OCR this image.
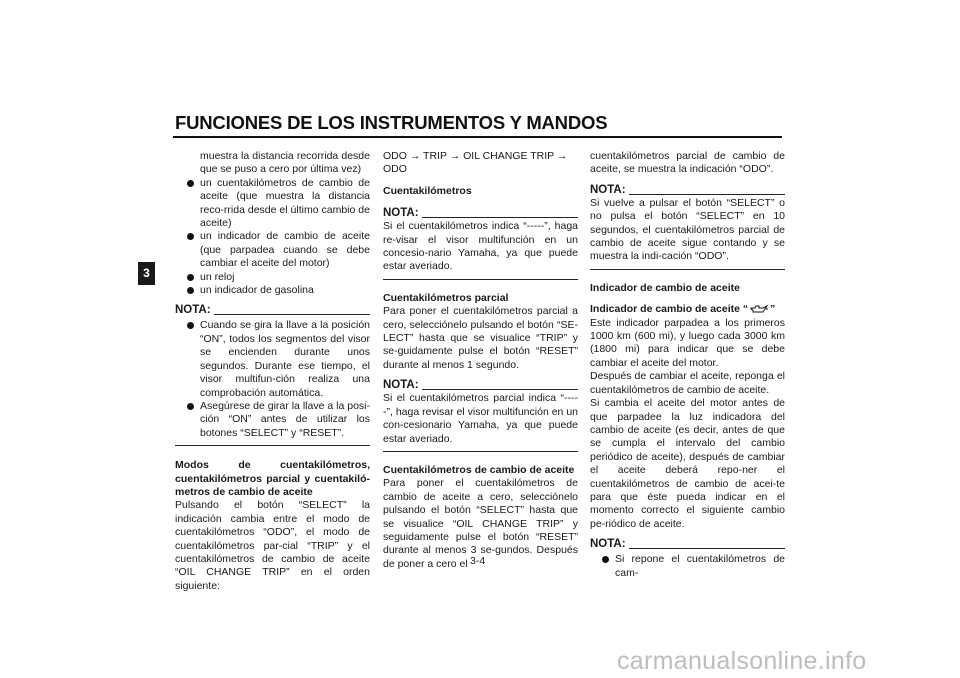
FUNCIONES DE LOS INSTRUMENTOS Y MANDOS
3

muestra la distancia recorrida desde que se puso a cero por última vez)

un cuentakilómetros de cambio de aceite (que muestra la distancia reco-rrida desde el último cambio de aceite)
un indicador de cambio de aceite (que parpadea cuando se debe cambiar el aceite del motor)
un reloj
un indicador de gasolina
NOTA:
Cuando se gira la llave a la posición “ON”, todos los segmentos del visor se encienden durante unos segundos. Durante ese tiempo, el visor multifun-ción realiza una comprobación automática.
Asegúrese de girar la llave a la posi-ción “ON” antes de utilizar los botones “SELECT” y “RESET”.

Modos de cuentakilómetros, cuentakilómetros parcial y cuentakiló-metros de cambio de aceite

Pulsando el botón “SELECT” la indicación cambia entre el modo de cuentakilómetros “ODO”, el modo de cuentakilómetros par-cial “TRIP” y el cuentakilómetros de cambio de aceite “OIL CHANGE TRIP” en el orden siguiente:

ODO → TRIP → OIL CHANGE TRIP → ODO

Cuentakilómetros

NOTA:

Si el cuentakilómetros indica “-----”, haga re-visar el visor multifunción en un concesio-nario Yamaha, ya que puede estar averiado.

Cuentakilómetros parcial

Para poner el cuentakilómetros parcial a cero, selecciónelo pulsando el botón “SE-LECT” hasta que se visualice “TRIP” y se-guidamente pulse el botón “RESET” durante al menos 1 segundo.

NOTA:

Si el cuentakilómetros parcial indica “-----”, haga revisar el visor multifunción en un con-cesionario Yamaha, ya que puede estar averiado.

Cuentakilómetros de cambio de aceite

Para poner el cuentakilómetros de cambio de aceite a cero, selecciónelo pulsando el botón “SELECT” hasta que se visualice “OIL CHANGE TRIP” y seguidamente pulse el botón “RESET” durante al menos 3 se-gundos. Después de poner a cero el

cuentakilómetros parcial de cambio de aceite, se muestra la indicación “ODO”.

NOTA:

Si vuelve a pulsar el botón “SELECT” o no pulsa el botón “SELECT” en 10 segundos, el cuentakilómetros parcial de cambio de aceite sigue contando y se muestra la indi-cación “ODO”.

Indicador de cambio de aceite

Indicador de cambio de aceite “ ”

Este indicador parpadea a los primeros 1000 km (600 mi), y luego cada 3000 km (1800 mi) para indicar que se debe cambiar el aceite del motor.

Después de cambiar el aceite, reponga el cuentakilómetros de cambio de aceite.

Si cambia el aceite del motor antes de que parpadee la luz indicadora del cambio de aceite (es decir, antes de que se cumpla el intervalo del cambio periódico de aceite), después de cambiar el aceite deberá repo-ner el cuentakilómetros de cambio de acei-te para que éste pueda indicar en el momento correcto el siguiente cambio pe-riódico de aceite.

NOTA:
Si repone el cuentakilómetros de cam-
3-4
carmanualsonline.info
